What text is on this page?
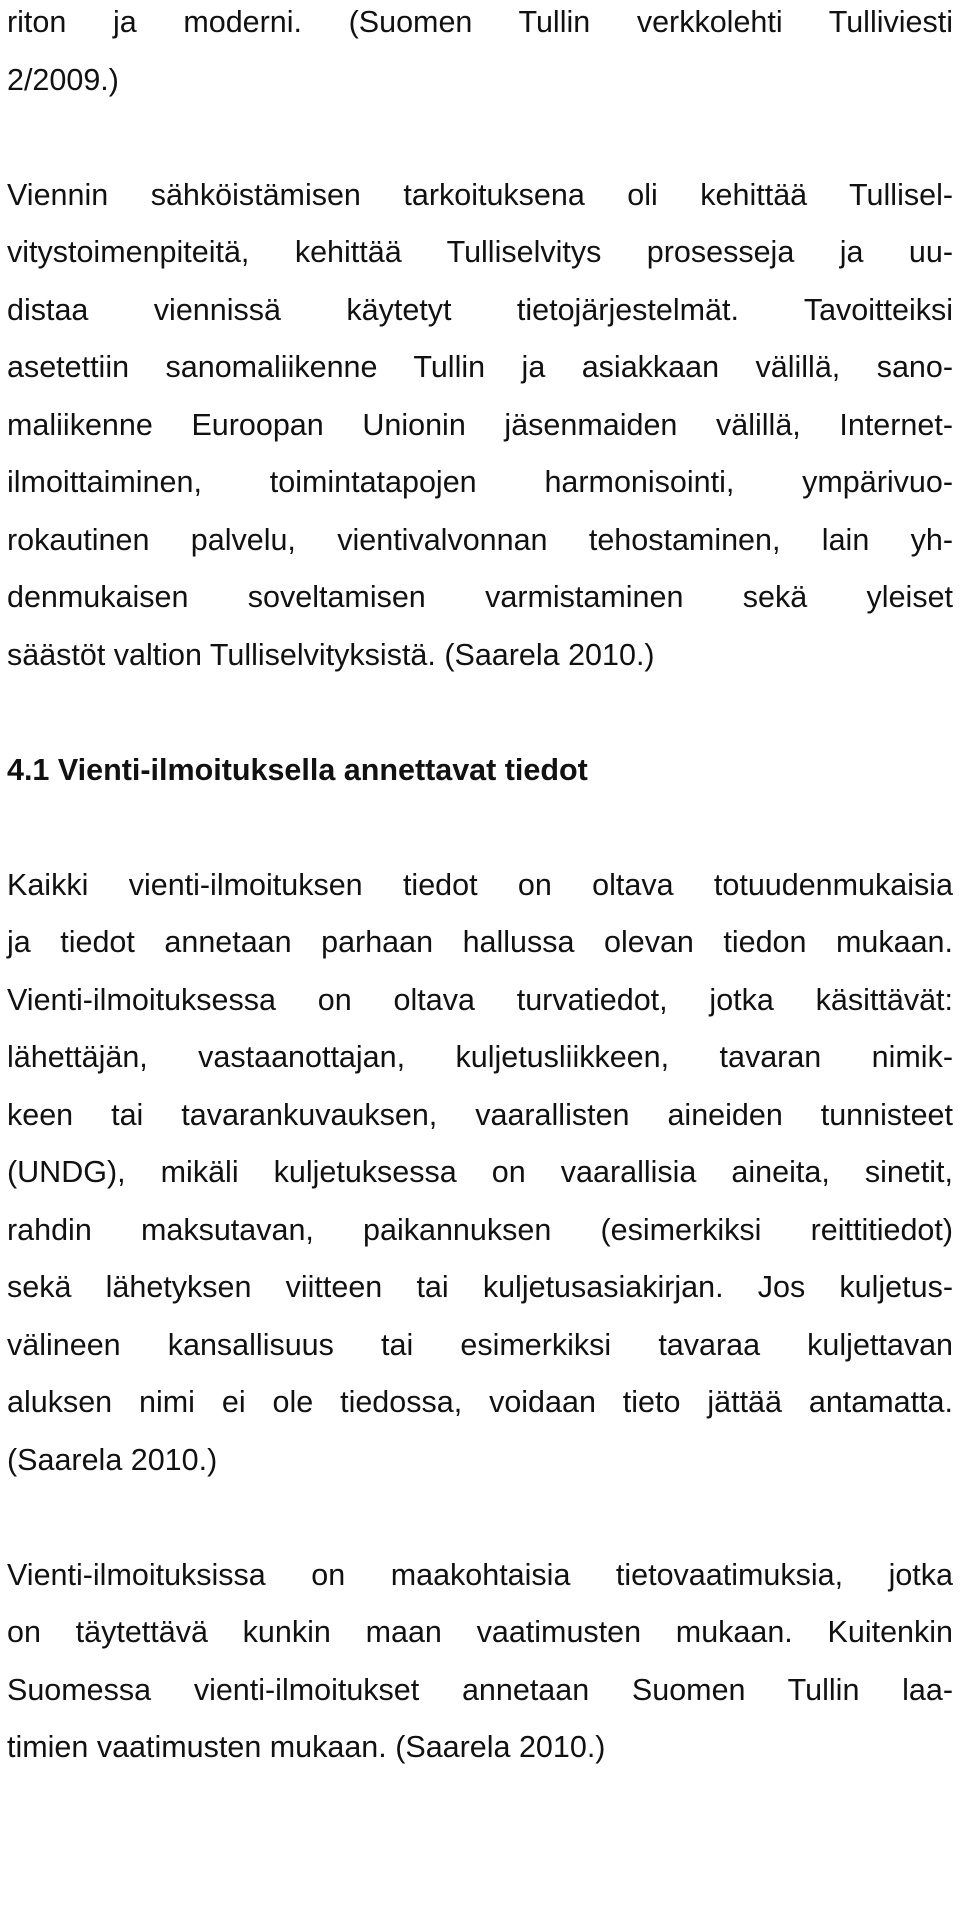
riton ja moderni. (Suomen Tullin verkkolehti Tulliviesti
2/2009.)
Viennin sähköistämisen tarkoituksena oli kehittää Tullisel-
vitystoimenpiteitä, kehittää Tulliselvitys prosesseja ja uu-
distaa viennissä käytetyt tietojärjestelmät. Tavoitteiksi
asetettiin sanomaliikenne Tullin ja asiakkaan välillä, sano-
maliikenne Euroopan Unionin jäsenmaiden välillä, Internet-
ilmoittaiminen, toimintatapojen harmonisointi, ympärivuo-
rokautinen palvelu, vientivalvonnan tehostaminen, lain yh-
denmukaisen soveltamisen varmistaminen sekä yleiset
säästöt valtion Tulliselvityksistä. (Saarela 2010.)
4.1 Vienti-ilmoituksella annettavat tiedot
Kaikki vienti-ilmoituksen tiedot on oltava totuudenmukaisia
ja tiedot annetaan parhaan hallussa olevan tiedon mukaan.
Vienti-ilmoituksessa on oltava turvatiedot, jotka käsittävät:
lähettäjän, vastaanottajan, kuljetusliikkeen, tavaran nimik-
keen tai tavarankuvauksen, vaarallisten aineiden tunnisteet
(UNDG), mikäli kuljetuksessa on vaarallisia aineita, sinetit,
rahdin maksutavan, paikannuksen (esimerkiksi reittitiedot)
sekä lähetyksen viitteen tai kuljetusasiakirjan. Jos kuljetus-
välineen kansallisuus tai esimerkiksi tavaraa kuljettavan
aluksen nimi ei ole tiedossa, voidaan tieto jättää antamatta.
(Saarela 2010.)
Vienti-ilmoituksissa on maakohtaisia tietovaatimuksia, jotka
on täytettävä kunkin maan vaatimusten mukaan. Kuitenkin
Suomessa vienti-ilmoitukset annetaan Suomen Tullin laa-
timien vaatimusten mukaan. (Saarela 2010.)
